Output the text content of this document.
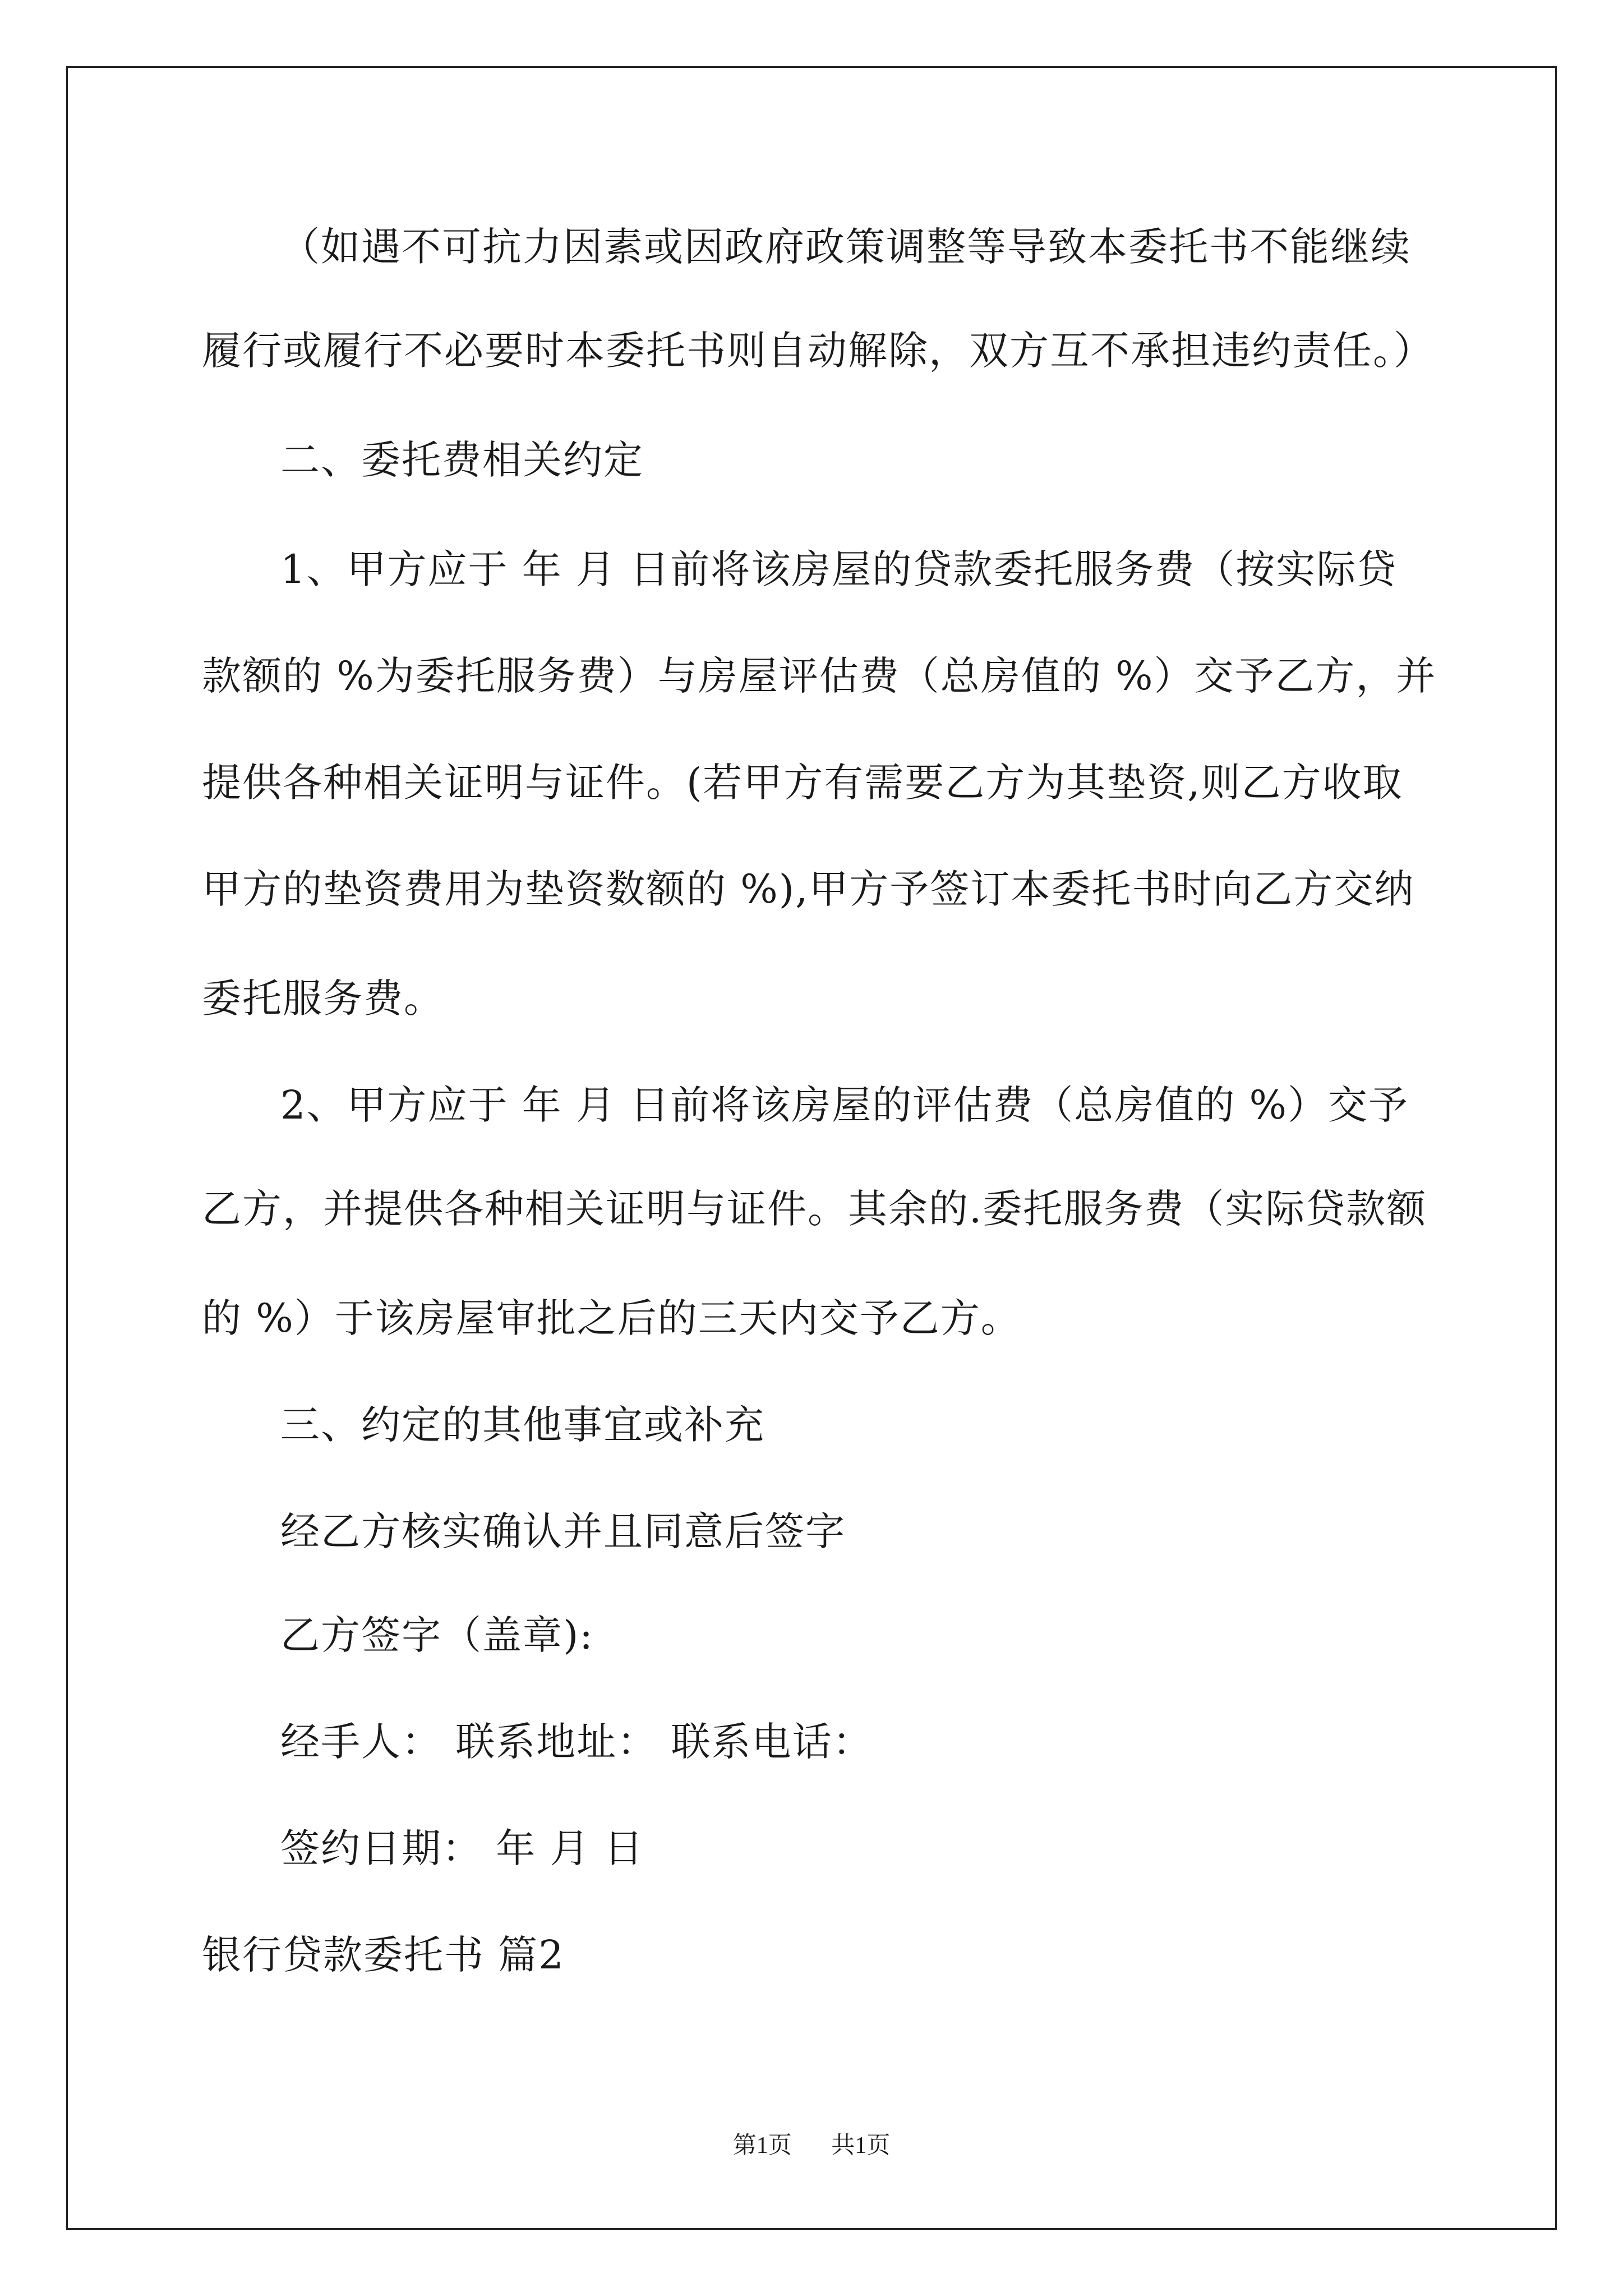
（如遇不可抗力因素或因政府政策调整等导致本委托书不能继续
履行或履行不必要时本委托书则自动解除，双方互不承担违约责任。）
二、委托费相关约定
1、甲方应于 年 月 日前将该房屋的贷款委托服务费（按实际贷
款额的 %为委托服务费）与房屋评估费（总房值的 %）交予乙方，并
提供各种相关证明与证件。(若甲方有需要乙方为其垫资,则乙方收取
甲方的垫资费用为垫资数额的 %),甲方予签订本委托书时向乙方交纳
委托服务费。
2、甲方应于 年 月 日前将该房屋的评估费（总房值的 %）交予
乙方，并提供各种相关证明与证件。其余的.委托服务费（实际贷款额
的 %）于该房屋审批之后的三天内交予乙方。
三、约定的其他事宜或补充
经乙方核实确认并且同意后签字
乙方签字（盖章):
经手人： 联系地址： 联系电话：
签约日期： 年 月 日
银行贷款委托书 篇2
第1页 共1页
